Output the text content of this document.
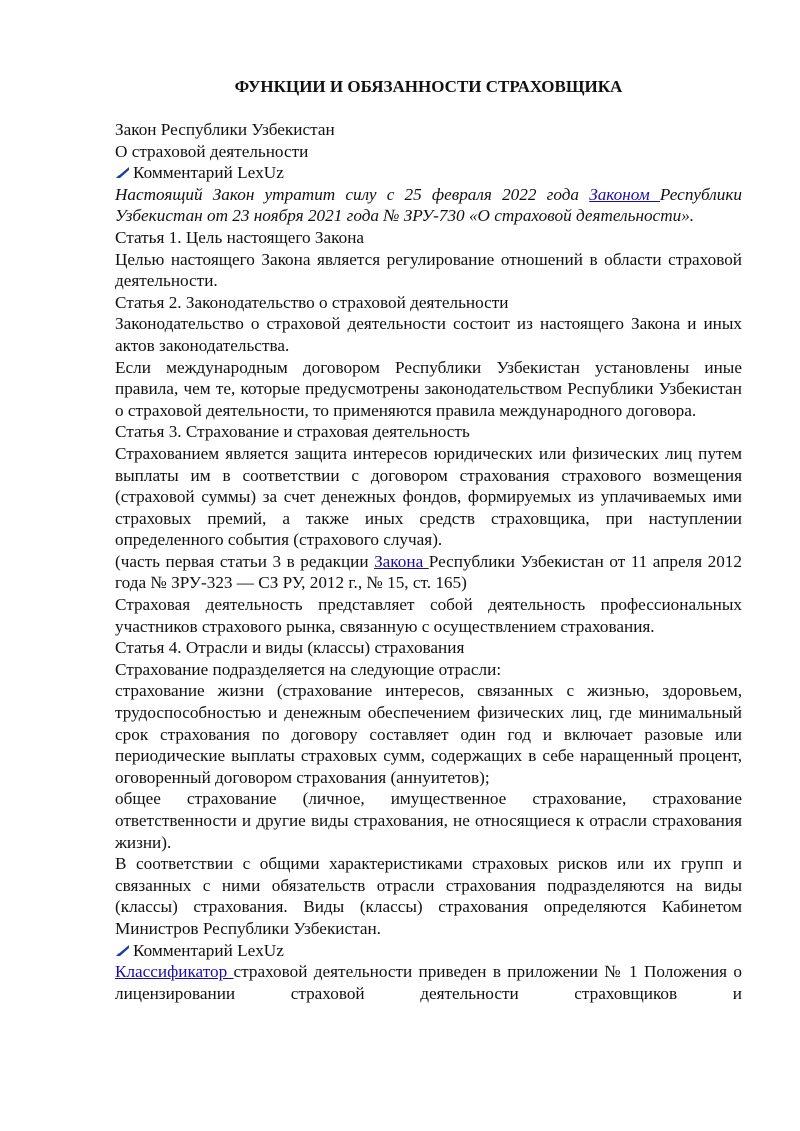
ФУНКЦИИ И ОБЯЗАННОСТИ СТРАХОВЩИКА

Закон Республики Узбекистан

О страховой деятельности

Комментарий LexUz

Настоящий Закон утратит силу с 25 февраля 2022 года Законом Республики Узбекистан от 23 ноября 2021 года № ЗРУ-730 «О страховой деятельности».

Статья 1. Цель настоящего Закона

Целью настоящего Закона является регулирование отношений в области страховой деятельности.

Статья 2. Законодательство о страховой деятельности

Законодательство о страховой деятельности состоит из настоящего Закона и иных актов законодательства.

Если международным договором Республики Узбекистан установлены иные правила, чем те, которые предусмотрены законодательством Республики Узбекистан о страховой деятельности, то применяются правила международного договора.

Статья 3. Страхование и страховая деятельность

Страхованием является защита интересов юридических или физических лиц путем выплаты им в соответствии с договором страхования страхового возмещения (страховой суммы) за счет денежных фондов, формируемых из уплачиваемых ими страховых премий, а также иных средств страховщика, при наступлении определенного события (страхового случая).

(часть первая статьи 3 в редакции Закона Республики Узбекистан от 11 апреля 2012 года № ЗРУ-323 — СЗ РУ, 2012 г., № 15, ст. 165)

Страховая деятельность представляет собой деятельность профессиональных участников страхового рынка, связанную с осуществлением страхования.

Статья 4. Отрасли и виды (классы) страхования

Страхование подразделяется на следующие отрасли:

страхование жизни (страхование интересов, связанных с жизнью, здоровьем, трудоспособностью и денежным обеспечением физических лиц, где минимальный срок страхования по договору составляет один год и включает разовые или периодические выплаты страховых сумм, содержащих в себе наращенный процент, оговоренный договором страхования (аннуитетов);

общее страхование (личное, имущественное страхование, страхование ответственности и другие виды страхования, не относящиеся к отрасли страхования жизни).

В соответствии с общими характеристиками страховых рисков или их групп и связанных с ними обязательств отрасли страхования подразделяются на виды (классы) страхования. Виды (классы) страхования определяются Кабинетом Министров Республики Узбекистан.

Комментарий LexUz

Классификатор страховой деятельности приведен в приложении № 1 Положения о лицензировании страховой деятельности страховщиков и
